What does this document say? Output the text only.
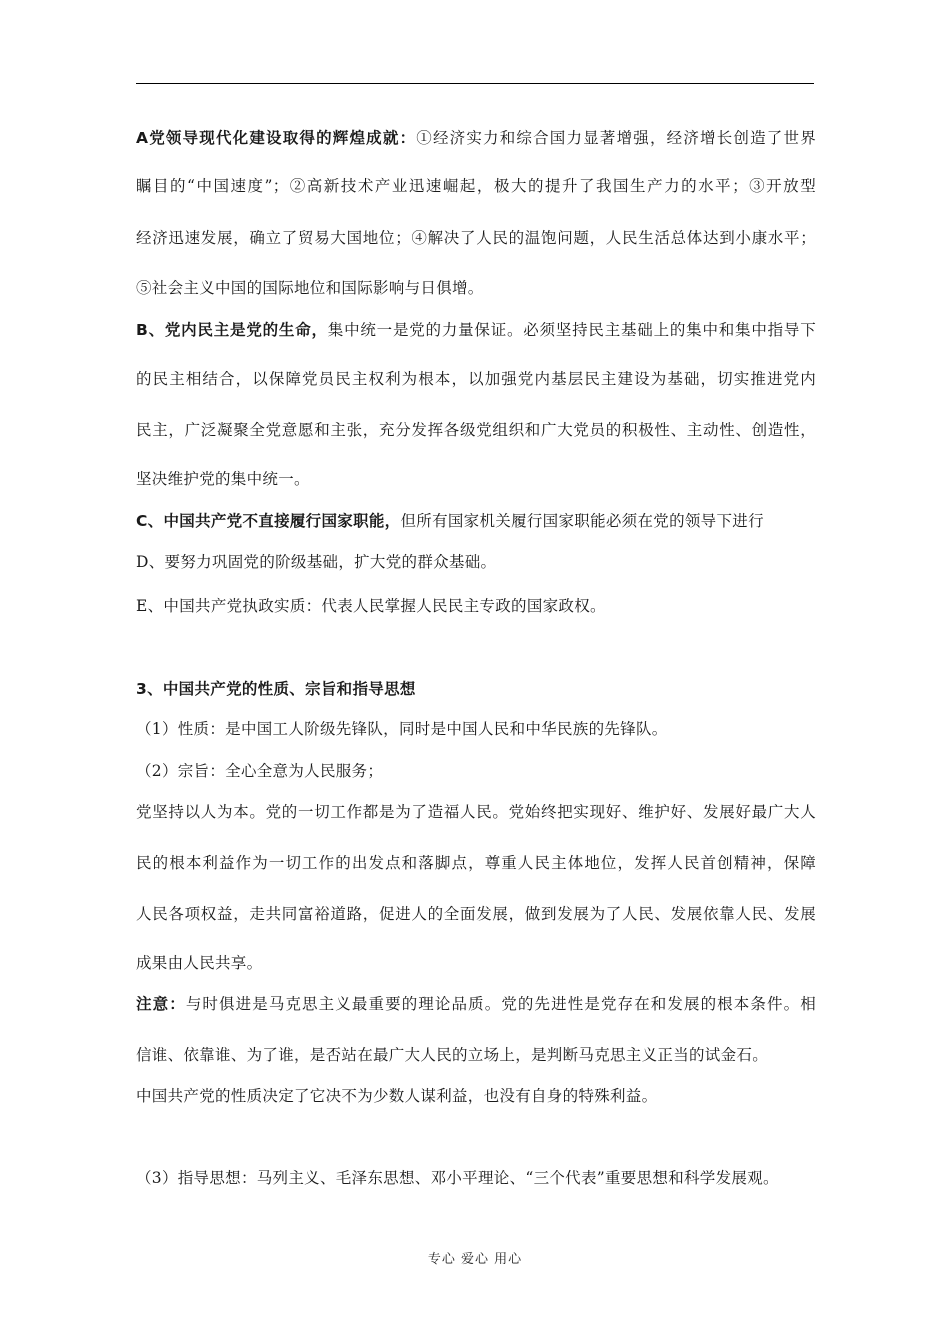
A党领导现代化建设取得的辉煌成就：①经济实力和综合国力显著增强，经济增长创造了世界
瞩目的“中国速度”；②高新技术产业迅速崛起，极大的提升了我国生产力的水平；③开放型
经济迅速发展，确立了贸易大国地位；④解决了人民的温饱问题，人民生活总体达到小康水平；
⑤社会主义中国的国际地位和国际影响与日俱增。
B、党内民主是党的生命，集中统一是党的力量保证。必须坚持民主基础上的集中和集中指导下
的民主相结合，以保障党员民主权利为根本，以加强党内基层民主建设为基础，切实推进党内
民主，广泛凝聚全党意愿和主张，充分发挥各级党组织和广大党员的积极性、主动性、创造性，
坚决维护党的集中统一。
C、中国共产党不直接履行国家职能，但所有国家机关履行国家职能必须在党的领导下进行
D、要努力巩固党的阶级基础，扩大党的群众基础。
E、中国共产党执政实质：代表人民掌握人民民主专政的国家政权。
3、中国共产党的性质、宗旨和指导思想
（1）性质：是中国工人阶级先锋队，同时是中国人民和中华民族的先锋队。
（2）宗旨：全心全意为人民服务；
党坚持以人为本。党的一切工作都是为了造福人民。党始终把实现好、维护好、发展好最广大人
民的根本利益作为一切工作的出发点和落脚点，尊重人民主体地位，发挥人民首创精神，保障
人民各项权益，走共同富裕道路，促进人的全面发展，做到发展为了人民、发展依靠人民、发展
成果由人民共享。
注意：与时俱进是马克思主义最重要的理论品质。党的先进性是党存在和发展的根本条件。相
信谁、依靠谁、为了谁，是否站在最广大人民的立场上，是判断马克思主义正当的试金石。
中国共产党的性质决定了它决不为少数人谋利益，也没有自身的特殊利益。
（3）指导思想：马列主义、毛泽东思想、邓小平理论、“三个代表”重要思想和科学发展观。
专心 爱心 用心
